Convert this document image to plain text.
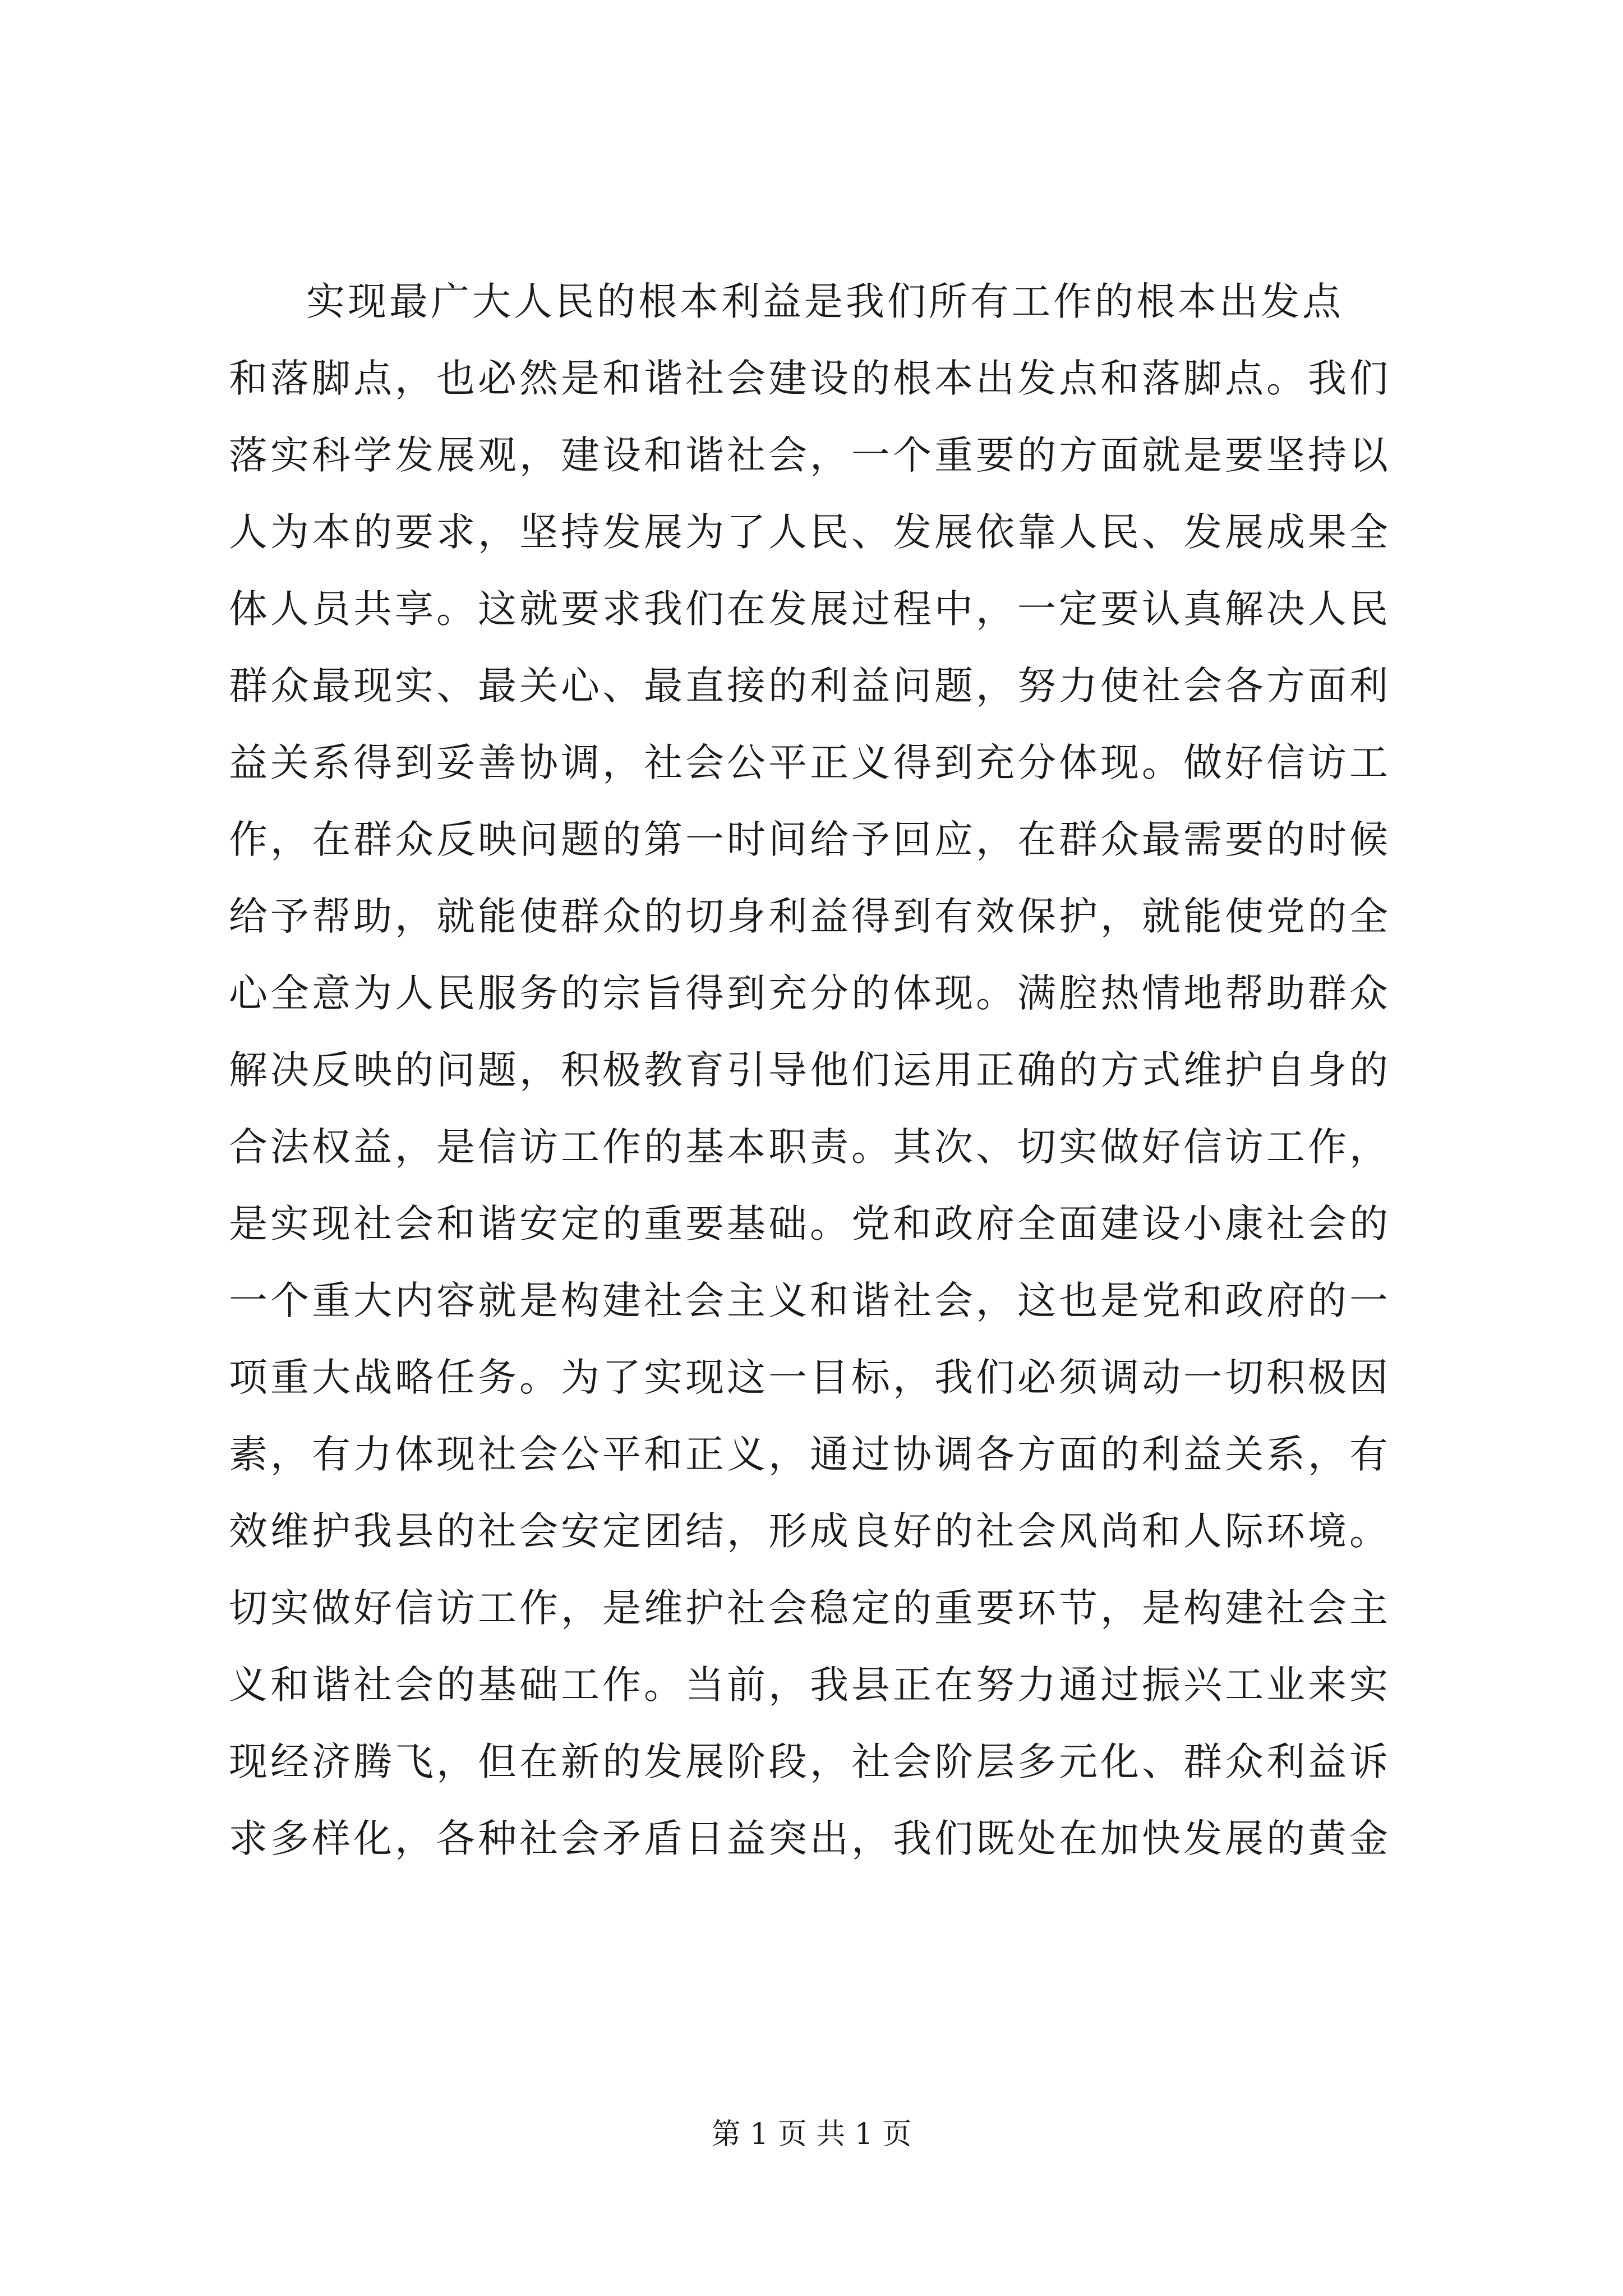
实现最广大人民的根本利益是我们所有工作的根本出发点
和落脚点，也必然是和谐社会建设的根本出发点和落脚点。我们
落实科学发展观，建设和谐社会，一个重要的方面就是要坚持以
人为本的要求，坚持发展为了人民、发展依靠人民、发展成果全
体人员共享。这就要求我们在发展过程中，一定要认真解决人民
群众最现实、最关心、最直接的利益问题，努力使社会各方面利
益关系得到妥善协调，社会公平正义得到充分体现。做好信访工
作，在群众反映问题的第一时间给予回应，在群众最需要的时候
给予帮助，就能使群众的切身利益得到有效保护，就能使党的全
心全意为人民服务的宗旨得到充分的体现。满腔热情地帮助群众
解决反映的问题，积极教育引导他们运用正确的方式维护自身的
合法权益，是信访工作的基本职责。其次、切实做好信访工作，
是实现社会和谐安定的重要基础。党和政府全面建设小康社会的
一个重大内容就是构建社会主义和谐社会，这也是党和政府的一
项重大战略任务。为了实现这一目标，我们必须调动一切积极因
素，有力体现社会公平和正义，通过协调各方面的利益关系，有
效维护我县的社会安定团结，形成良好的社会风尚和人际环境。
切实做好信访工作，是维护社会稳定的重要环节，是构建社会主
义和谐社会的基础工作。当前，我县正在努力通过振兴工业来实
现经济腾飞，但在新的发展阶段，社会阶层多元化、群众利益诉
求多样化，各种社会矛盾日益突出，我们既处在加快发展的黄金
第 1 页 共 1 页
